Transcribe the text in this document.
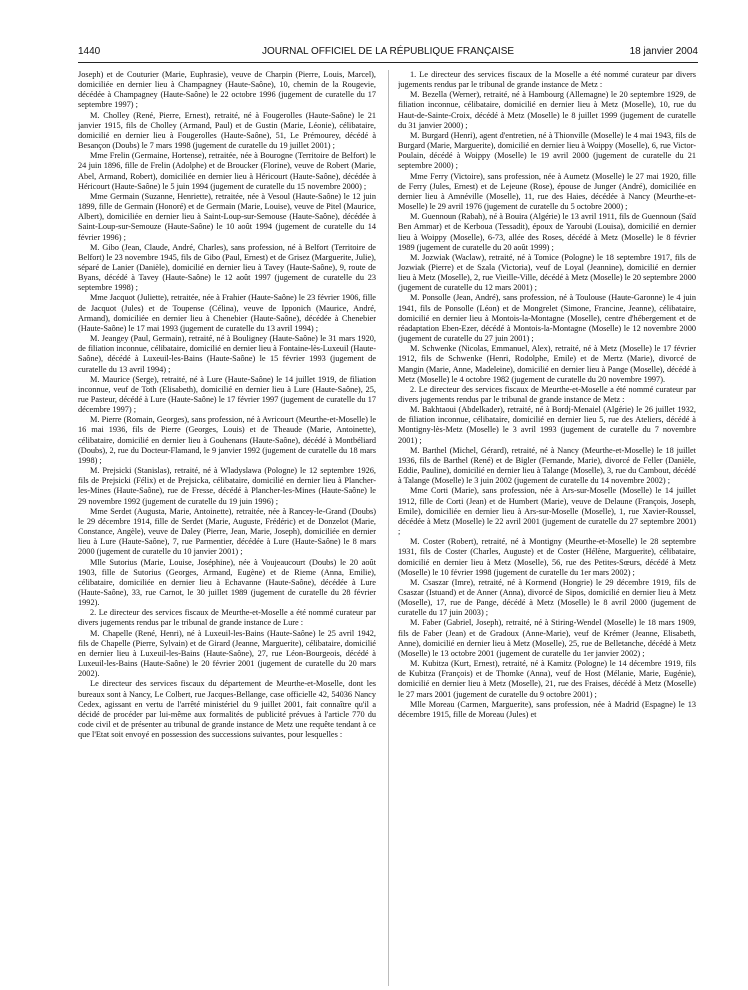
1440	JOURNAL OFFICIEL DE LA RÉPUBLIQUE FRANÇAISE	18 janvier 2004

Joseph) et de Couturier (Marie, Euphrasie), veuve de Charpin (Pierre, Louis, Marcel), domiciliée en dernier lieu à Champagney (Haute-Saône), 10, chemin de la Rougevie, décédée à Champagney (Haute-Saône) le 22 octobre 1996 (jugement de curatelle du 17 septembre 1997) ;

M. Cholley (René, Pierre, Ernest), retraité, né à Fougerolles (Haute-Saône) le 21 janvier 1915, fils de Cholley (Armand, Paul) et de Gustin (Marie, Léonie), célibataire, domicilié en dernier lieu à Fougerolles (Haute-Saône), 51, Le Prémourey, décédé à Besançon (Doubs) le 7 mars 1998 (jugement de curatelle du 19 juillet 2001) ;

Mme Frelin (Germaine, Hortense), retraitée, née à Bourogne (Territoire de Belfort) le 24 juin 1896, fille de Frelin (Adolphe) et de Broucker (Florine), veuve de Robert (Marie, Abel, Armand, Robert), domiciliée en dernier lieu à Héricourt (Haute-Saône), décédée à Héricourt (Haute-Saône) le 5 juin 1994 (jugement de curatelle du 15 novembre 2000) ;

Mme Germain (Suzanne, Henriette), retraitée, née à Vesoul (Haute-Saône) le 12 juin 1899, fille de Germain (Honoré) et de Germain (Marie, Louise), veuve de Pitel (Maurice, Albert), domiciliée en dernier lieu à Saint-Loup-sur-Semouse (Haute-Saône), décédée à Saint-Loup-sur-Semouze (Haute-Saône) le 10 août 1994 (jugement de curatelle du 14 février 1996) ;

M. Gibo (Jean, Claude, André, Charles), sans profession, né à Belfort (Territoire de Belfort) le 23 novembre 1945, fils de Gibo (Paul, Ernest) et de Grisez (Marguerite, Julie), séparé de Lanier (Danièle), domicilié en dernier lieu à Tavey (Haute-Saône), 9, route de Byans, décédé à Tavey (Haute-Saône) le 12 août 1997 (jugement de curatelle du 23 septembre 1998) ;

Mme Jacquot (Juliette), retraitée, née à Frahier (Haute-Saône) le 23 février 1906, fille de Jacquot (Jules) et de Toupense (Célina), veuve de Ipponich (Maurice, André, Armand), domiciliée en dernier lieu à Chenebier (Haute-Saône), décédée à Chenebier (Haute-Saône) le 17 mai 1993 (jugement de curatelle du 13 avril 1994) ;

M. Jeangey (Paul, Germain), retraité, né à Bouligney (Haute-Saône) le 31 mars 1920, de filiation inconnue, célibataire, domicilié en dernier lieu à Fontaine-lès-Luxeuil (Haute-Saône), décédé à Luxeuil-les-Bains (Haute-Saône) le 15 février 1993 (jugement de curatelle du 13 avril 1994) ;

M. Maurice (Serge), retraité, né à Lure (Haute-Saône) le 14 juillet 1919, de filiation inconnue, veuf de Toth (Elisabeth), domicilié en dernier lieu à Lure (Haute-Saône), 25, rue Pasteur, décédé à Lure (Haute-Saône) le 17 février 1997 (jugement de curatelle du 17 décembre 1997) ;

M. Pierre (Romain, Georges), sans profession, né à Avricourt (Meurthe-et-Moselle) le 16 mai 1936, fils de Pierre (Georges, Louis) et de Theaude (Marie, Antoinette), célibataire, domicilié en dernier lieu à Gouhenans (Haute-Saône), décédé à Montbéliard (Doubs), 2, rue du Docteur-Flamand, le 9 janvier 1992 (jugement de curatelle du 18 mars 1998) ;

M. Prejsicki (Stanislas), retraité, né à Wladyslawa (Pologne) le 12 septembre 1926, fils de Prejsicki (Félix) et de Prejsicka, célibataire, domicilié en dernier lieu à Plancher-les-Mines (Haute-Saône), rue de Fresse, décédé à Plancher-les-Mines (Haute-Saône) le 29 novembre 1992 (jugement de curatelle du 19 juin 1996) ;

Mme Serdet (Augusta, Marie, Antoinette), retraitée, née à Rancey-le-Grand (Doubs) le 29 décembre 1914, fille de Serdet (Marie, Auguste, Frédéric) et de Donzelot (Marie, Constance, Angèle), veuve de Daley (Pierre, Jean, Marie, Joseph), domiciliée en dernier lieu à Lure (Haute-Saône), 7, rue Parmentier, décédée à Lure (Haute-Saône) le 8 mars 2000 (jugement de curatelle du 10 janvier 2001) ;

Mlle Sutorius (Marie, Louise, Joséphine), née à Voujeaucourt (Doubs) le 20 août 1903, fille de Sutorius (Georges, Armand, Eugène) et de Rieme (Anna, Emilie), célibataire, domiciliée en dernier lieu à Echavanne (Haute-Saône), décédée à Lure (Haute-Saône), 33, rue Carnot, le 30 juillet 1989 (jugement de curatelle du 28 février 1992).

2. Le directeur des services fiscaux de Meurthe-et-Moselle a été nommé curateur par divers jugements rendus par le tribunal de grande instance de Lure :

M. Chapelle (René, Henri), né à Luxeuil-les-Bains (Haute-Saône) le 25 avril 1942, fils de Chapelle (Pierre, Sylvain) et de Girard (Jeanne, Marguerite), célibataire, domicilié en dernier lieu à Luxeuil-les-Bains (Haute-Saône), 27, rue Léon-Bourgeois, décédé à Luxeuil-les-Bains (Haute-Saône) le 20 février 2001 (jugement de curatelle du 20 mars 2002).

Le directeur des services fiscaux du département de Meurthe-et-Moselle, dont les bureaux sont à Nancy, Le Colbert, rue Jacques-Bellange, case officielle 42, 54036 Nancy Cedex, agissant en vertu de l'arrêté ministériel du 9 juillet 2001, fait connaître qu'il a décidé de procéder par lui-même aux formalités de publicité prévues à l'article 770 du code civil et de présenter au tribunal de grande instance de Metz une requête tendant à ce que l'Etat soit envoyé en possession des successions suivantes, pour lesquelles :

1. Le directeur des services fiscaux de la Moselle a été nommé curateur par divers jugements rendus par le tribunal de grande instance de Metz :

M. Bezella (Werner), retraité, né à Hambourg (Allemagne) le 20 septembre 1929, de filiation inconnue, célibataire, domicilié en dernier lieu à Metz (Moselle), 10, rue du Haut-de-Sainte-Croix, décédé à Metz (Moselle) le 8 juillet 1999 (jugement de curatelle du 31 janvier 2000) ;

M. Burgard (Henri), agent d'entretien, né à Thionville (Moselle) le 4 mai 1943, fils de Burgard (Marie, Marguerite), domicilié en dernier lieu à Woippy (Moselle), 6, rue Victor-Poulain, décédé à Woippy (Moselle) le 19 avril 2000 (jugement de curatelle du 21 septembre 2000) ;

Mme Ferry (Victoire), sans profession, née à Aumetz (Moselle) le 27 mai 1920, fille de Ferry (Jules, Ernest) et de Lejeune (Rose), épouse de Junger (André), domiciliée en dernier lieu à Amnéville (Moselle), 11, rue des Haies, décédée à Nancy (Meurthe-et-Moselle) le 29 avril 1976 (jugement de curatelle du 5 octobre 2000) ;

M. Guennoun (Rabah), né à Bouira (Algérie) le 13 avril 1911, fils de Guennoun (Saïd Ben Ammar) et de Kerboua (Tessadit), époux de Yaroubi (Louisa), domicilié en dernier lieu à Woippy (Moselle), 6-73, allée des Roses, décédé à Metz (Moselle) le 8 février 1989 (jugement de curatelle du 20 août 1999) ;

M. Jozwiak (Waclaw), retraité, né à Tomice (Pologne) le 18 septembre 1917, fils de Jozwiak (Pierre) et de Szala (Victoria), veuf de Loyal (Jeannine), domicilié en dernier lieu à Metz (Moselle), 2, rue Vieille-Ville, décédé à Metz (Moselle) le 20 septembre 2000 (jugement de curatelle du 12 mars 2001) ;

M. Ponsolle (Jean, André), sans profession, né à Toulouse (Haute-Garonne) le 4 juin 1941, fils de Ponsolle (Léon) et de Mongrelet (Simone, Francine, Jeanne), célibataire, domicilié en dernier lieu à Montois-la-Montagne (Moselle), centre d'hébergement et de réadaptation Eben-Ezer, décédé à Montois-la-Montagne (Moselle) le 12 novembre 2000 (jugement de curatelle du 27 juin 2001) ;

M. Schwenke (Nicolas, Emmanuel, Alex), retraité, né à Metz (Moselle) le 17 février 1912, fils de Schwenke (Henri, Rodolphe, Emile) et de Mertz (Marie), divorcé de Mangin (Marie, Anne, Madeleine), domicilié en dernier lieu à Pange (Moselle), décédé à Metz (Moselle) le 4 octobre 1982 (jugement de curatelle du 20 novembre 1997).

2. Le directeur des services fiscaux de Meurthe-et-Moselle a été nommé curateur par divers jugements rendus par le tribunal de grande instance de Metz :

M. Bakhtaoui (Abdelkader), retraité, né à Bordj-Menaiel (Algérie) le 26 juillet 1932, de filiation inconnue, célibataire, domicilié en dernier lieu 5, rue des Ateliers, décédé à Montigny-lès-Metz (Moselle) le 3 avril 1993 (jugement de curatelle du 7 novembre 2001) ;

M. Barthel (Michel, Gérard), retraité, né à Nancy (Meurthe-et-Moselle) le 18 juillet 1936, fils de Barthel (René) et de Bigler (Fernande, Marie), divorcé de Feller (Danièle, Eddie, Pauline), domicilié en dernier lieu à Talange (Moselle), 3, rue du Cambout, décédé à Talange (Moselle) le 3 juin 2002 (jugement de curatelle du 14 novembre 2002) ;

Mme Corti (Marie), sans profession, née à Ars-sur-Moselle (Moselle) le 14 juillet 1912, fille de Corti (Jean) et de Humbert (Marie), veuve de Delaune (François, Joseph, Emile), domiciliée en dernier lieu à Ars-sur-Moselle (Moselle), 1, rue Xavier-Roussel, décédée à Metz (Moselle) le 22 avril 2001 (jugement de curatelle du 27 septembre 2001) ;

M. Coster (Robert), retraité, né à Montigny (Meurthe-et-Moselle) le 28 septembre 1931, fils de Coster (Charles, Auguste) et de Coster (Hélène, Marguerite), célibataire, domicilié en dernier lieu à Metz (Moselle), 56, rue des Petites-Sœurs, décédé à Metz (Moselle) le 10 février 1998 (jugement de curatelle du 1er mars 2002) ;

M. Csaszar (Imre), retraité, né à Kormend (Hongrie) le 29 décembre 1919, fils de Csaszar (Istuand) et de Anner (Anna), divorcé de Sipos, domicilié en dernier lieu à Metz (Moselle), 17, rue de Pange, décédé à Metz (Moselle) le 8 avril 2000 (jugement de curatelle du 17 juin 2003) ;

M. Faber (Gabriel, Joseph), retraité, né à Stiring-Wendel (Moselle) le 18 mars 1909, fils de Faber (Jean) et de Gradoux (Anne-Marie), veuf de Krémer (Jeanne, Elisabeth, Anne), domicilié en dernier lieu à Metz (Moselle), 25, rue de Belletanche, décédé à Metz (Moselle) le 13 octobre 2001 (jugement de curatelle du 1er janvier 2002) ;

M. Kubitza (Kurt, Ernest), retraité, né à Kamitz (Pologne) le 14 décembre 1919, fils de Kubitza (François) et de Thomke (Anna), veuf de Host (Mélanie, Marie, Eugénie), domicilié en dernier lieu à Metz (Moselle), 21, rue des Fraises, décédé à Metz (Moselle) le 27 mars 2001 (jugement de curatelle du 9 octobre 2001) ;

Mlle Moreau (Carmen, Marguerite), sans profession, née à Madrid (Espagne) le 13 décembre 1915, fille de Moreau (Jules) et
